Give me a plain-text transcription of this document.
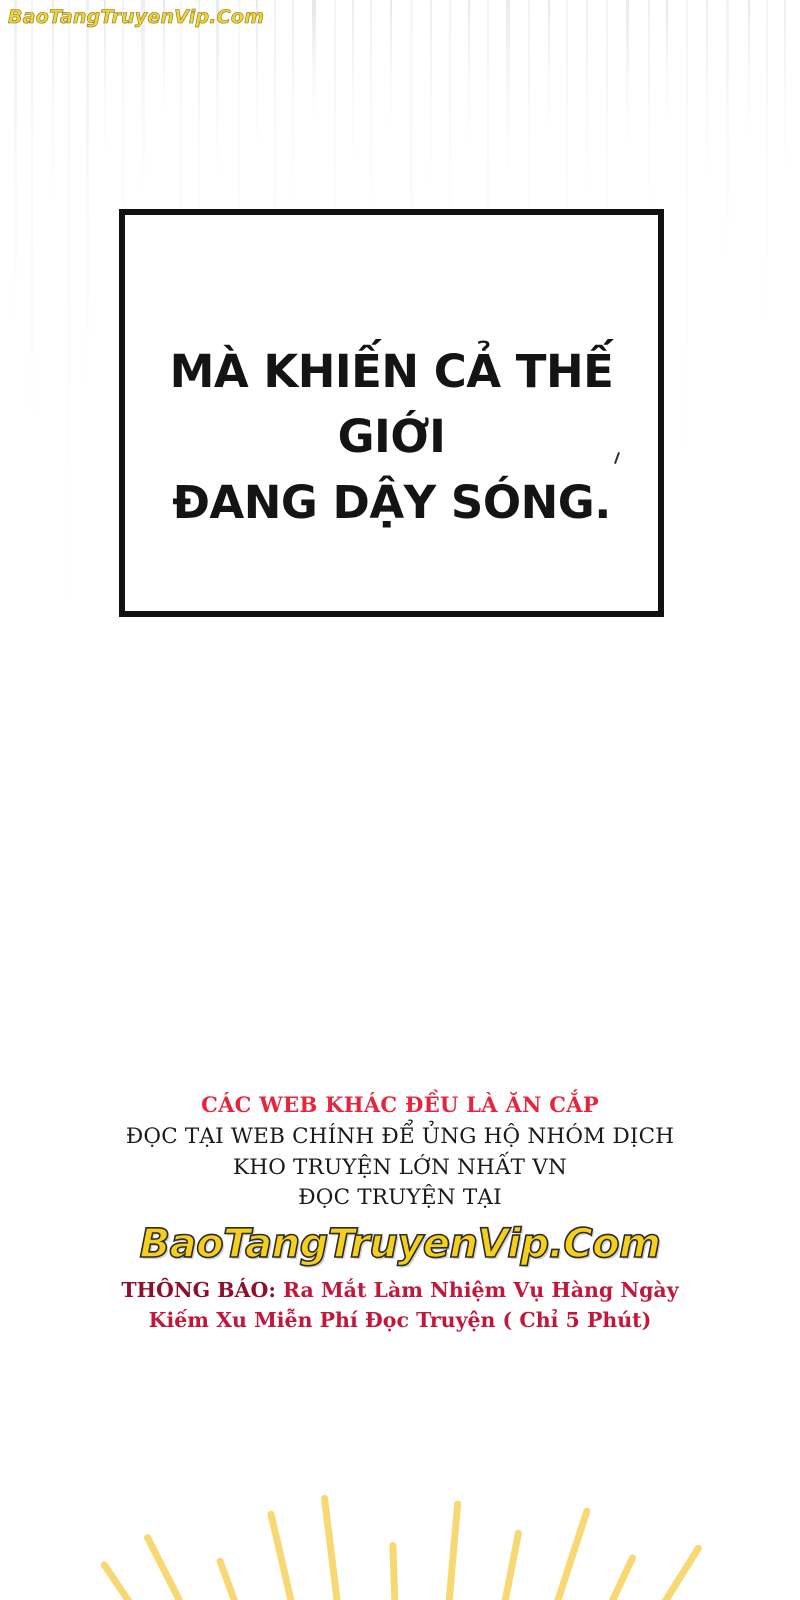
BaoTangTruyenVip.Com
MÀ KHIẾN CẢ THẾ GIỚI
ĐANG DẬY SÓNG.
CÁC WEB KHÁC ĐỀU LÀ ĂN CẮP
ĐỌC TẠI WEB CHÍNH ĐỂ ỦNG HỘ NHÓM DỊCH
KHO TRUYỆN LỚN NHẤT VN
ĐỌC TRUYỆN TẠI
BaoTangTruyenVip.Com
THÔNG BÁO: Ra Mắt Làm Nhiệm Vụ Hàng Ngày
Kiếm Xu Miễn Phí Đọc Truyện ( Chỉ 5 Phút)
